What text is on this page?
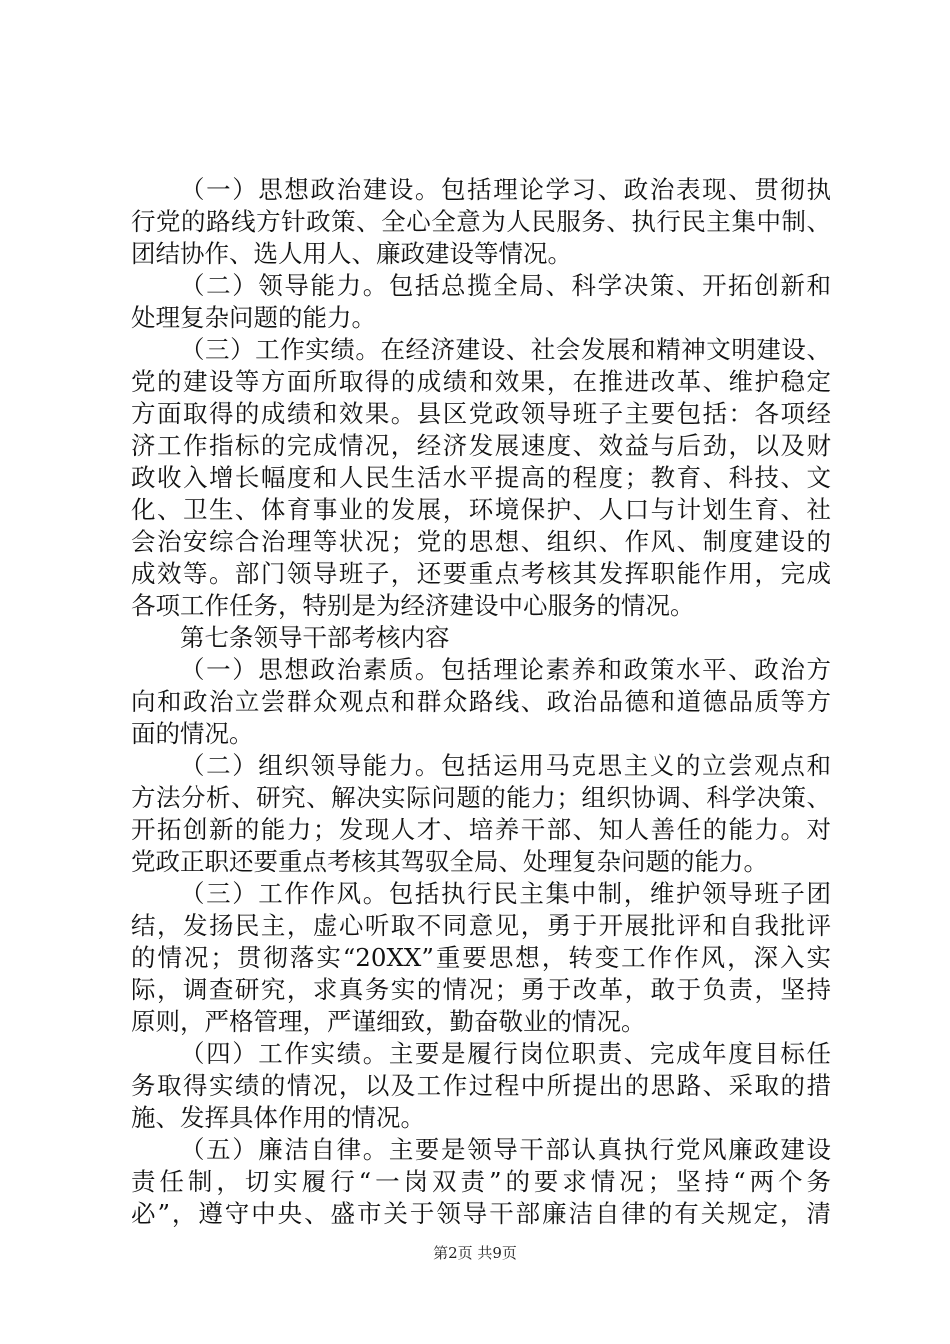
（一）思想政治建设。包括理论学习、政治表现、贯彻执
行党的路线方针政策、全心全意为人民服务、执行民主集中制、
团结协作、选人用人、廉政建设等情况。
（二）领导能力。包括总揽全局、科学决策、开拓创新和
处理复杂问题的能力。
（三）工作实绩。在经济建设、社会发展和精神文明建设、
党的建设等方面所取得的成绩和效果，在推进改革、维护稳定
方面取得的成绩和效果。县区党政领导班子主要包括：各项经
济工作指标的完成情况，经济发展速度、效益与后劲，以及财
政收入增长幅度和人民生活水平提高的程度；教育、科技、文
化、卫生、体育事业的发展，环境保护、人口与计划生育、社
会治安综合治理等状况；党的思想、组织、作风、制度建设的
成效等。部门领导班子，还要重点考核其发挥职能作用，完成
各项工作任务，特别是为经济建设中心服务的情况。
第七条领导干部考核内容
（一）思想政治素质。包括理论素养和政策水平、政治方
向和政治立尝群众观点和群众路线、政治品德和道德品质等方
面的情况。
（二）组织领导能力。包括运用马克思主义的立尝观点和
方法分析、研究、解决实际问题的能力；组织协调、科学决策、
开拓创新的能力；发现人才、培养干部、知人善任的能力。对
党政正职还要重点考核其驾驭全局、处理复杂问题的能力。
（三）工作作风。包括执行民主集中制，维护领导班子团
结，发扬民主，虚心听取不同意见，勇于开展批评和自我批评
的情况；贯彻落实“20XX”重要思想，转变工作作风，深入实
际，调查研究，求真务实的情况；勇于改革，敢于负责，坚持
原则，严格管理，严谨细致，勤奋敬业的情况。
（四）工作实绩。主要是履行岗位职责、完成年度目标任
务取得实绩的情况，以及工作过程中所提出的思路、采取的措
施、发挥具体作用的情况。
（五）廉洁自律。主要是领导干部认真执行党风廉政建设
责任制，切实履行“一岗双责”的要求情况；坚持“两个务
必”，遵守中央、盛市关于领导干部廉洁自律的有关规定，清
第2页 共9页
